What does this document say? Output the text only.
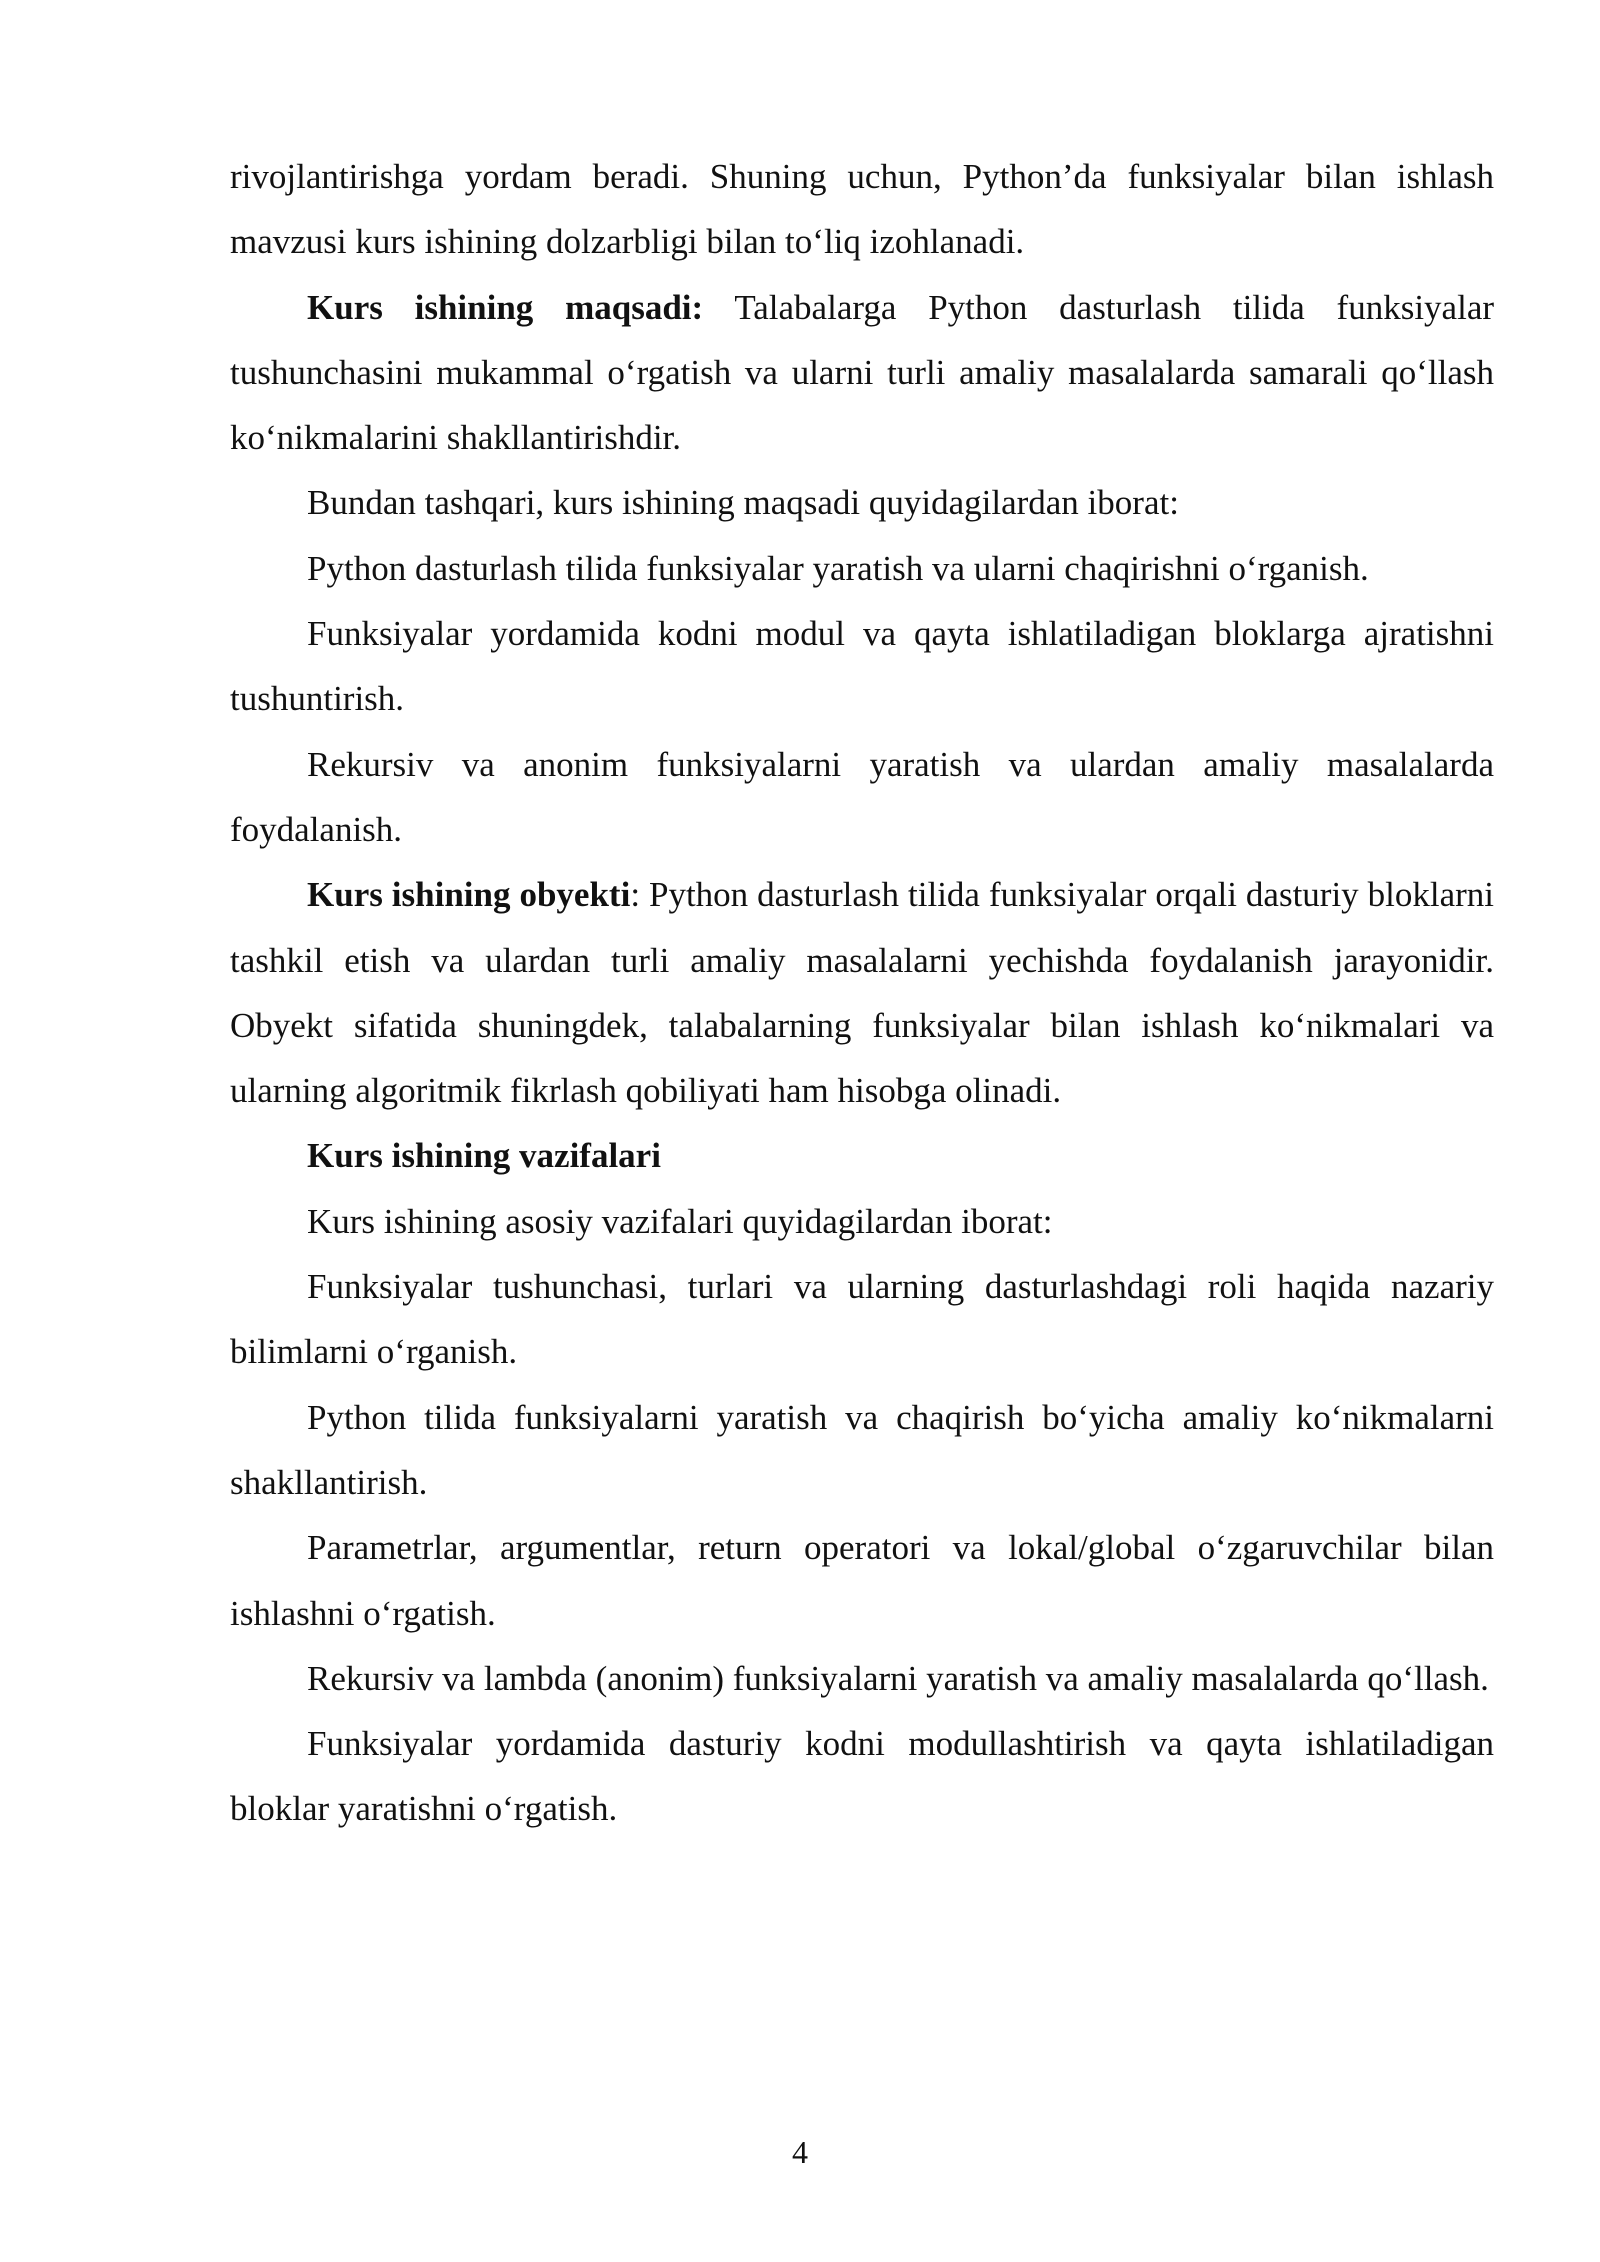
rivojlantirishga yordam beradi. Shuning uchun, Python’da funksiyalar bilan ishlash mavzusi kurs ishining dolzarbligi bilan to‘liq izohlanadi.

Kurs ishining maqsadi: Talabalarga Python dasturlash tilida funksiyalar tushunchasini mukammal o‘rgatish va ularni turli amaliy masalalarda samarali qo‘llash ko‘nikmalarini shakllantirishdir.

Bundan tashqari, kurs ishining maqsadi quyidagilardan iborat:

Python dasturlash tilida funksiyalar yaratish va ularni chaqirishni o‘rganish.

Funksiyalar yordamida kodni modul va qayta ishlatiladigan bloklarga ajratishni tushuntirish.

Rekursiv va anonim funksiyalarni yaratish va ulardan amaliy masalalarda foydalanish.

Kurs ishining obyekti: Python dasturlash tilida funksiyalar orqali dasturiy bloklarni tashkil etish va ulardan turli amaliy masalalarni yechishda foydalanish jarayonidir. Obyekt sifatida shuningdek, talabalarning funksiyalar bilan ishlash ko‘nikmalari va ularning algoritmik fikrlash qobiliyati ham hisobga olinadi.

Kurs ishining vazifalari

Kurs ishining asosiy vazifalari quyidagilardan iborat:

Funksiyalar tushunchasi, turlari va ularning dasturlashdagi roli haqida nazariy bilimlarni o‘rganish.

Python tilida funksiyalarni yaratish va chaqirish bo‘yicha amaliy ko‘nikmalarni shakllantirish.

Parametrlar, argumentlar, return operatori va lokal/global o‘zgaruvchilar bilan ishlashni o‘rgatish.

Rekursiv va lambda (anonim) funksiyalarni yaratish va amaliy masalalarda qo‘llash.

Funksiyalar yordamida dasturiy kodni modullashtirish va qayta ishlatiladigan bloklar yaratishni o‘rgatish.

4
